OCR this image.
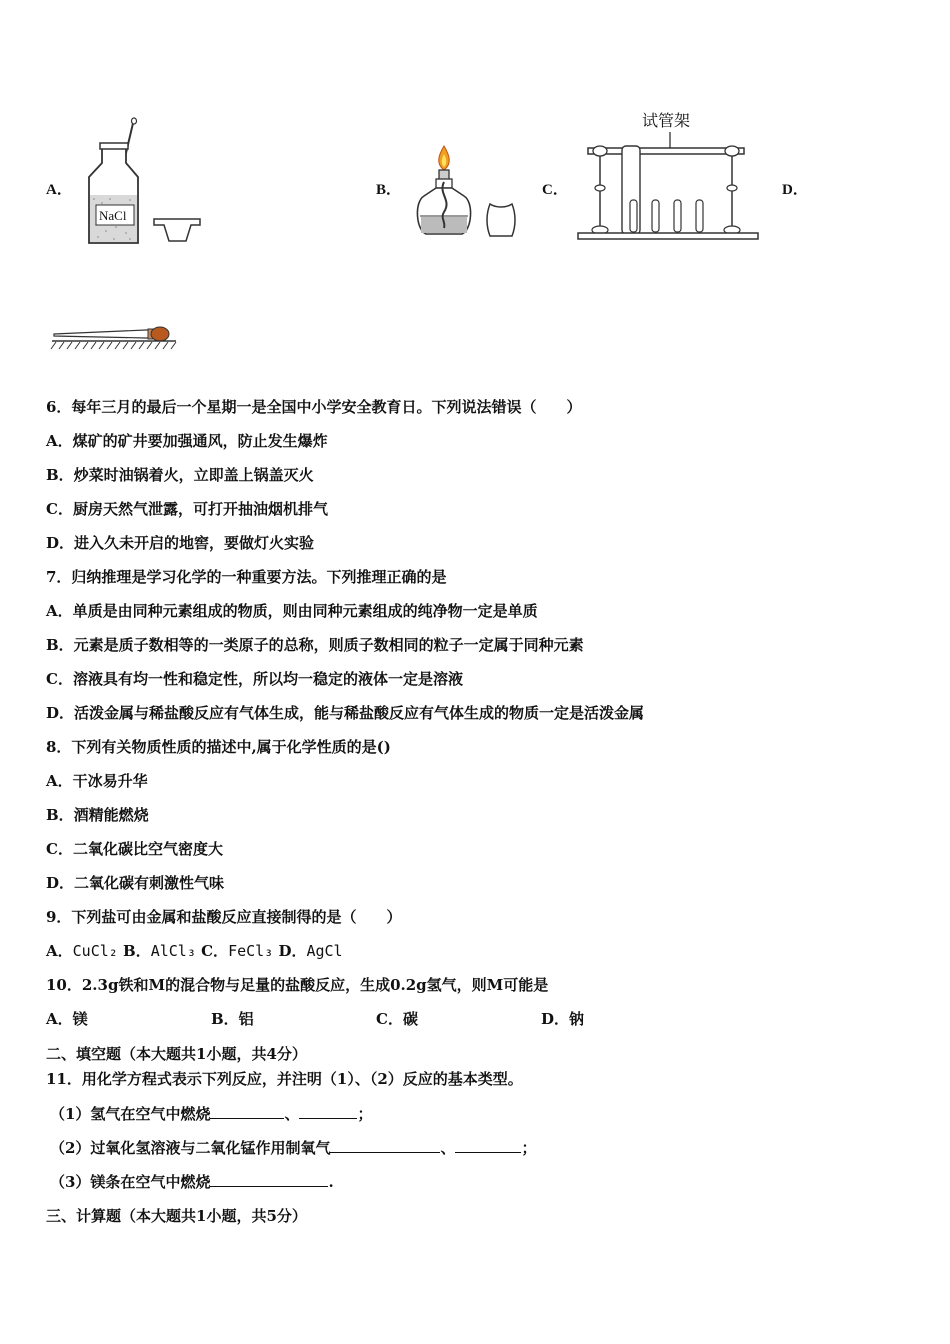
A．
NaCl
B．	C．
试管架
D．
6．每年三月的最后一个星期一是全国中小学安全教育日。下列说法错误（　　）
A．煤矿的矿井要加强通风，防止发生爆炸
B．炒菜时油锅着火，立即盖上锅盖灭火
C．厨房天然气泄露，可打开抽油烟机排气
D．进入久未开启的地窖，要做灯火实验
7．归纳推理是学习化学的一种重要方法。下列推理正确的是
A．单质是由同种元素组成的物质，则由同种元素组成的纯净物一定是单质
B．元素是质子数相等的一类原子的总称，则质子数相同的粒子一定属于同种元素
C．溶液具有均一性和稳定性，所以均一稳定的液体一定是溶液
D．活泼金属与稀盐酸反应有气体生成，能与稀盐酸反应有气体生成的物质一定是活泼金属
8．下列有关物质性质的描述中,属于化学性质的是()
A．干冰易升华
B．酒精能燃烧
C．二氧化碳比空气密度大
D．二氧化碳有刺激性气味
9．下列盐可由金属和盐酸反应直接制得的是（　　）
A．CuCl₂ B．AlCl₃ C．FeCl₃ D．AgCl
10．2.3g铁和M的混合物与足量的盐酸反应，生成0.2g氢气，则M可能是
A．镁	B．铝	C．碳	D．钠
二、填空题（本大题共1小题，共4分）
11．用化学方程式表示下列反应，并注明（1）、（2）反应的基本类型。
（1）氢气在空气中燃烧	、	；
（2）过氧化氢溶液与二氧化锰作用制氧气	、	；
（3）镁条在空气中燃烧	.
三、计算题（本大题共1小题，共5分）
